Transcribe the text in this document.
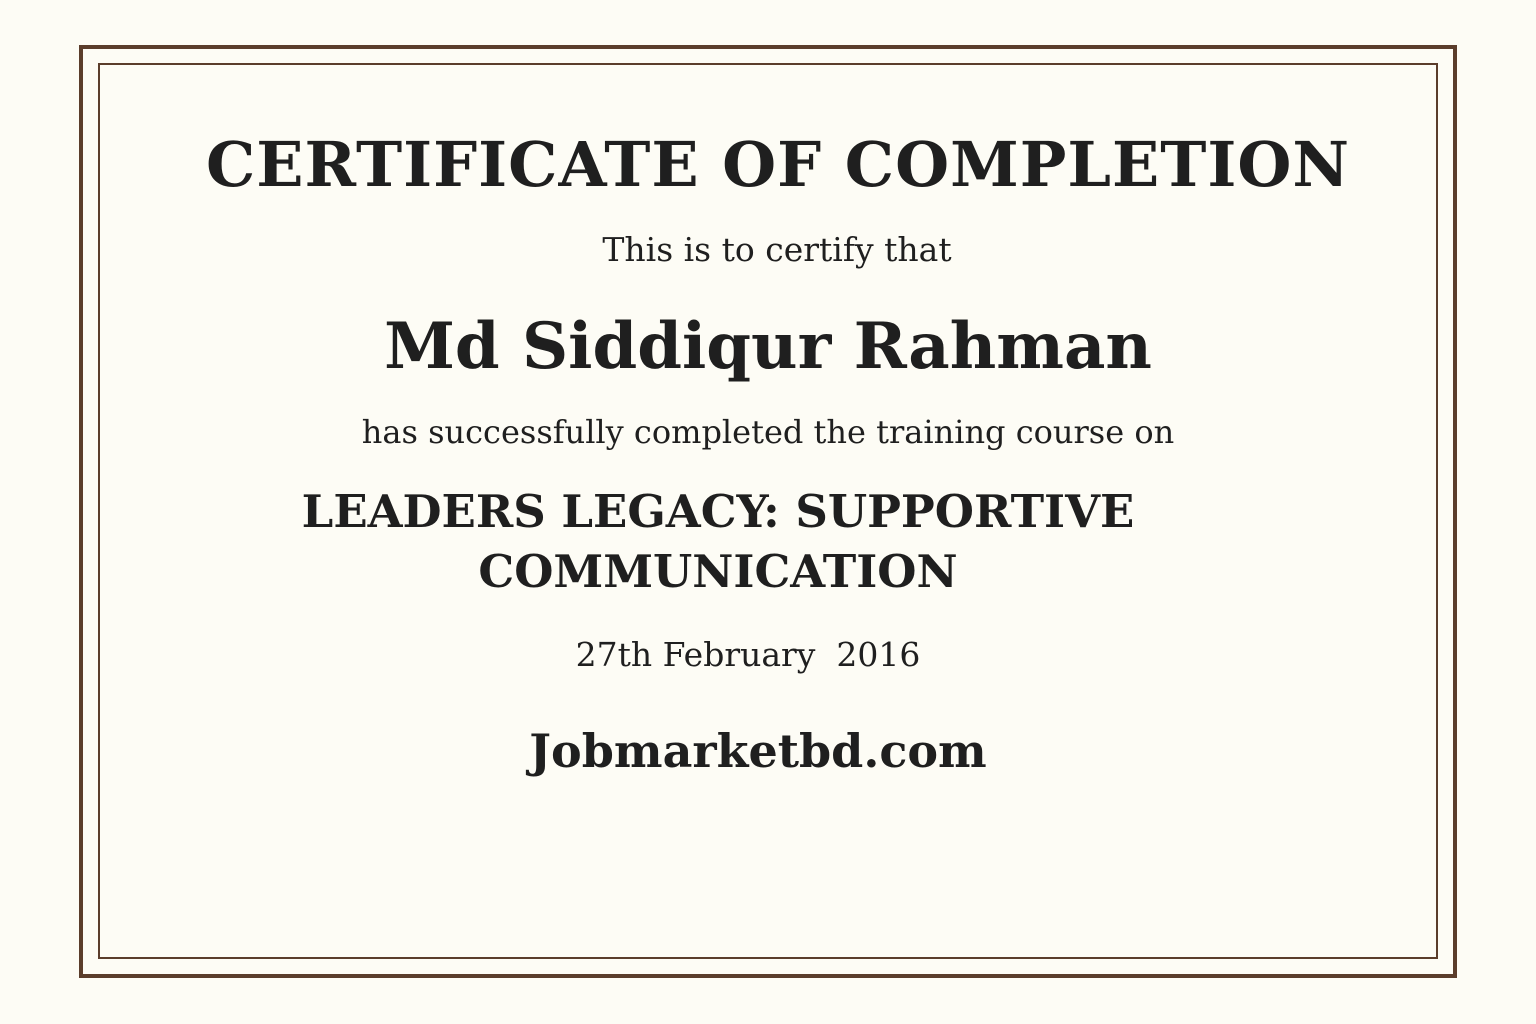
CERTIFICATE OF COMPLETION

This is to certify that

Md Siddiqur Rahman

has successfully completed the training course on

LEADERS LEGACY: SUPPORTIVE
COMMUNICATION

27th February  2016

Jobmarketbd.com
